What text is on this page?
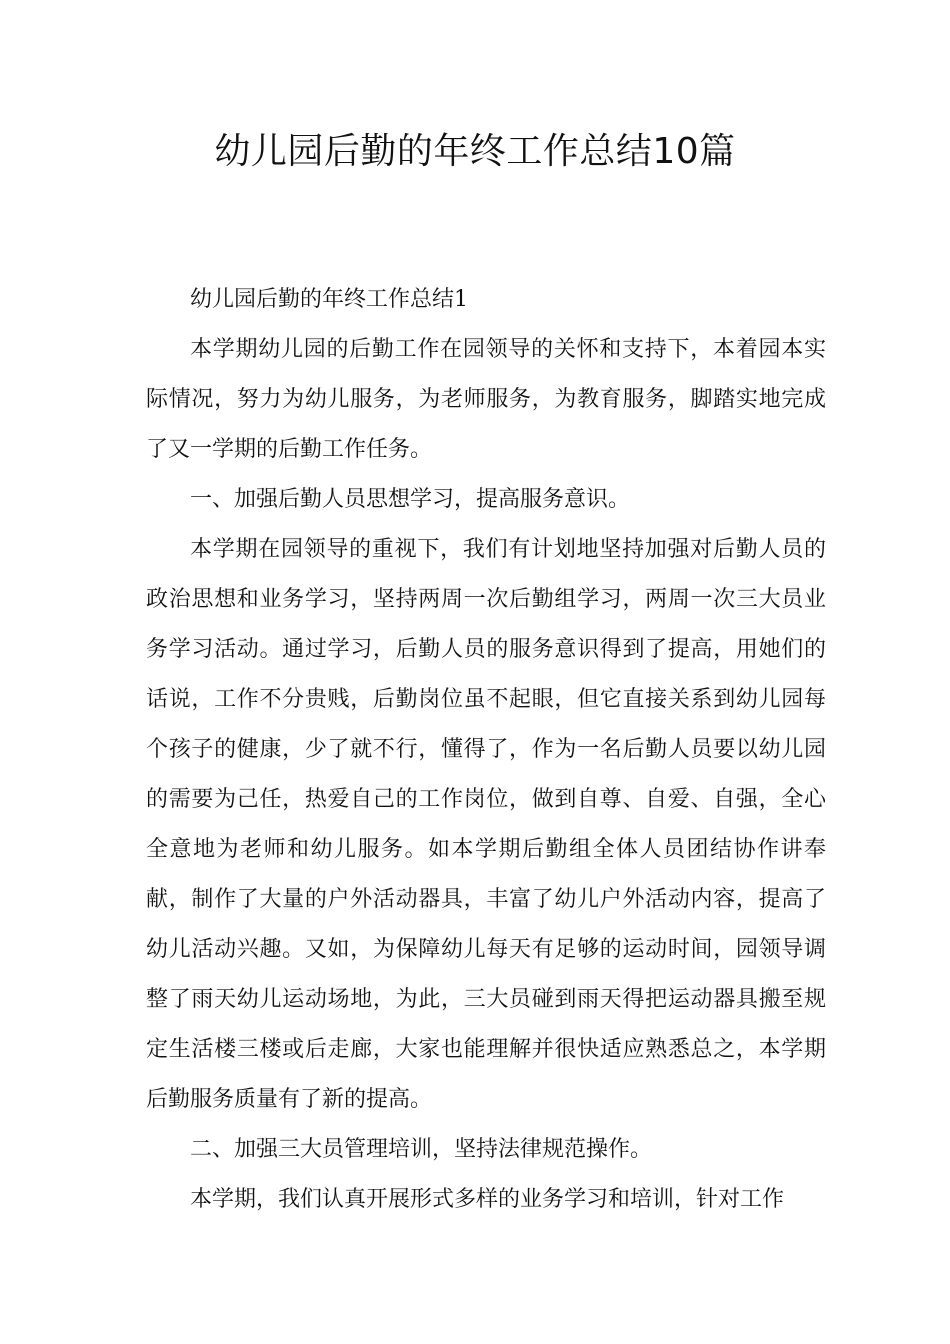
幼儿园后勤的年终工作总结10篇

幼儿园后勤的年终工作总结1

本学期幼儿园的后勤工作在园领导的关怀和支持下，本着园本实际情况，努力为幼儿服务，为老师服务，为教育服务，脚踏实地完成了又一学期的后勤工作任务。

一、加强后勤人员思想学习，提高服务意识。

本学期在园领导的重视下，我们有计划地坚持加强对后勤人员的政治思想和业务学习，坚持两周一次后勤组学习，两周一次三大员业务学习活动。通过学习，后勤人员的服务意识得到了提高，用她们的话说，工作不分贵贱，后勤岗位虽不起眼，但它直接关系到幼儿园每个孩子的健康，少了就不行，懂得了，作为一名后勤人员要以幼儿园的需要为己任，热爱自己的工作岗位，做到自尊、自爱、自强，全心全意地为老师和幼儿服务。如本学期后勤组全体人员团结协作讲奉献，制作了大量的户外活动器具，丰富了幼儿户外活动内容，提高了幼儿活动兴趣。又如，为保障幼儿每天有足够的运动时间，园领导调整了雨天幼儿运动场地，为此，三大员碰到雨天得把运动器具搬至规定生活楼三楼或后走廊，大家也能理解并很快适应熟悉总之，本学期后勤服务质量有了新的提高。

二、加强三大员管理培训，坚持法律规范操作。

本学期，我们认真开展形式多样的业务学习和培训，针对工作
